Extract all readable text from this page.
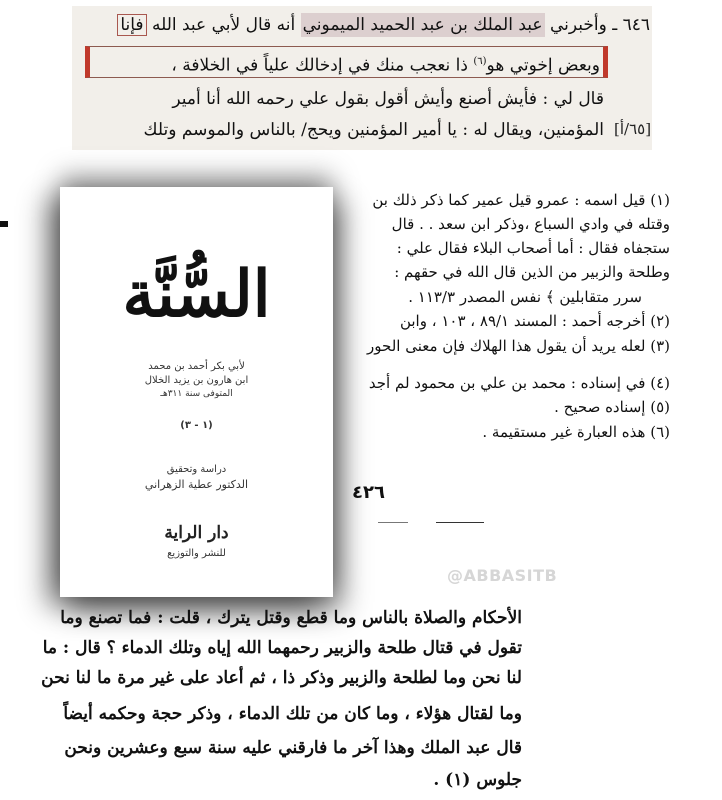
٦٤٦ ـ وأخبرني عبد الملك بن عبد الحميد الميموني أنه قال لأبي عبد الله فإنا
وبعض إخوتي هو$^{(٦)}$ ذا نعجب منك في إدخالك علياً في الخلافة ،
قال لي : فأيش أصنع وأيش أقول بقول علي رحمه الله أنا أمير
المؤمنين، ويقال له : يا أمير المؤمنين ويحج/ بالناس والموسم وتلك [٦٥/أ]
(١) قيل اسمه : عمرو قيل عمير كما ذكر ذلك بن
وقتله في وادي السباع ،وذكر ابن سعد . . قال
ستجفاه فقال : أما أصحاب البلاء فقال علي :
وطلحة والزبير من الذين قال الله في حقهم :
سرر متقابلين ﴾ نفس المصدر ١١٣/٣ .
(٢) أخرجه أحمد : المسند ٨٩/١ ، ١٠٣ ، وابن
(٣) لعله يريد أن يقول هذا الهلاك فإن معنى الحور
(٤) في إسناده : محمد بن علي بن محمود لم أجد
(٥) إسناده صحيح .
(٦) هذه العبارة غير مستقيمة .
٤٢٦
@ABBASITB
السُّنَّة
لأبي بكر أحمد بن محمد
ابن هارون بن يزيد الخلال
المتوفى سنة ٣١١هـ
(١ - ٣)
دراسة وتحقيق
الدكتور عطية الزهراني
دار الراية
للنشر والتوزيع
الأحكام والصلاة بالناس وما قطع وقتل يترك ، قلت : فما تصنع وما
تقول في قتال طلحة والزبير رحمهما الله إياه وتلك الدماء ؟ قال : ما
لنا نحن وما لطلحة والزبير وذكر ذا ، ثم أعاد على غير مرة ما لنا نحن
وما لقتال هؤلاء ، وما كان من تلك الدماء ، وذكر حجة وحكمه أيضاً
قال عبد الملك وهذا آخر ما فارقني عليه سنة سبع وعشرين ونحن
جلوس (١) .
